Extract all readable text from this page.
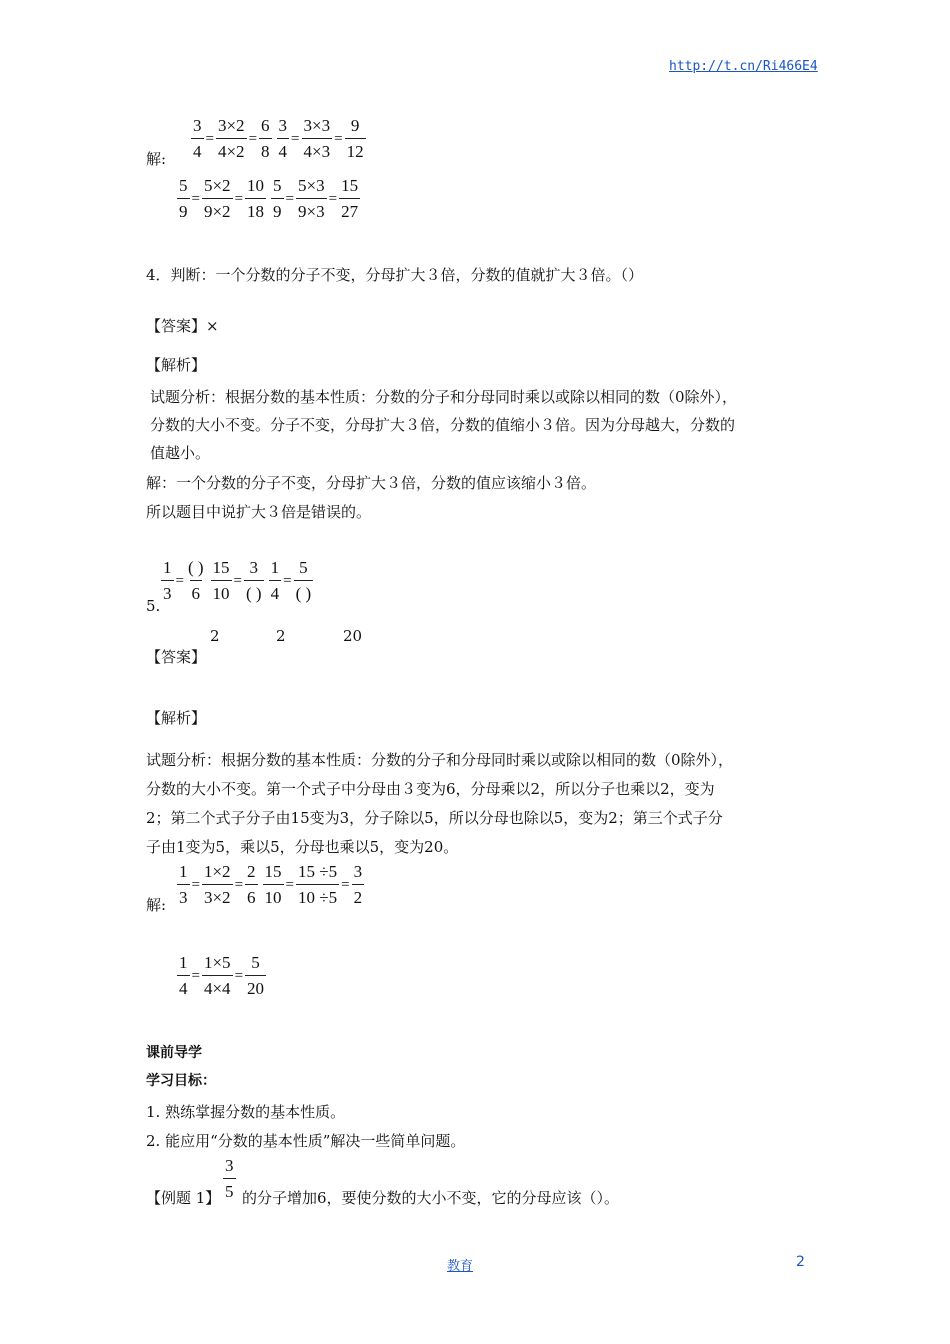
http://t.cn/Ri466E4
解: $\frac{3}{4} = \frac{3\times 2}{4\times 2} = \frac{6}{8} \frac{3}{4} = \frac{3\times 3}{4\times 3} = \frac{9}{12}$
$\frac{5}{9} = \frac{5\times 2}{9\times 2} = \frac{10}{18} \frac{5}{9} = \frac{5\times 3}{9\times 3} = \frac{15}{27}$
4．判断：一个分数的分子不变，分母扩大３倍，分数的值就扩大３倍。（）
【答案】×
【解析】
试题分析：根据分数的基本性质：分数的分子和分母同时乘以或除以相同的数（0除外），
分数的大小不变。分子不变，分母扩大３倍，分数的值缩小３倍。因为分母越大，分数的
值越小。
解：一个分数的分子不变，分母扩大３倍，分数的值应该缩小３倍。
所以题目中说扩大３倍是错误的。
5.
$\frac{1}{3}$ =
( )
$6 \frac{15}{10}$ =
3
( ) $\frac{1}{4}$ =
5
( )
2	2	20
【答案】
【解析】
试题分析：根据分数的基本性质：分数的分子和分母同时乘以或除以相同的数（0除外），
分数的大小不变。第一个式子中分母由３变为6，分母乘以2，所以分子也乘以2，变为
2；第二个式子分子由15变为3，分子除以5，所以分母也除以5，变为2；第三个式子分
子由1变为5，乘以5，分母也乘以5，变为20。
解: $\frac{1}{3} = \frac{1\times 2}{3\times 2} = \frac{2}{6} \frac{15}{10} = \frac{15 \div 5}{10 \div 5} = \frac{3}{2}$
$\frac{1}{4} = \frac{1\times 5}{4\times 4} = \frac{5}{20}$
课前导学
学习目标：
1. 熟练掌握分数的基本性质。
2. 能应用“分数的基本性质”解决一些简单问题。
【例题 1】
3
5 的分子增加6，要使分数的大小不变，它的分母应该（）。
教育	2
